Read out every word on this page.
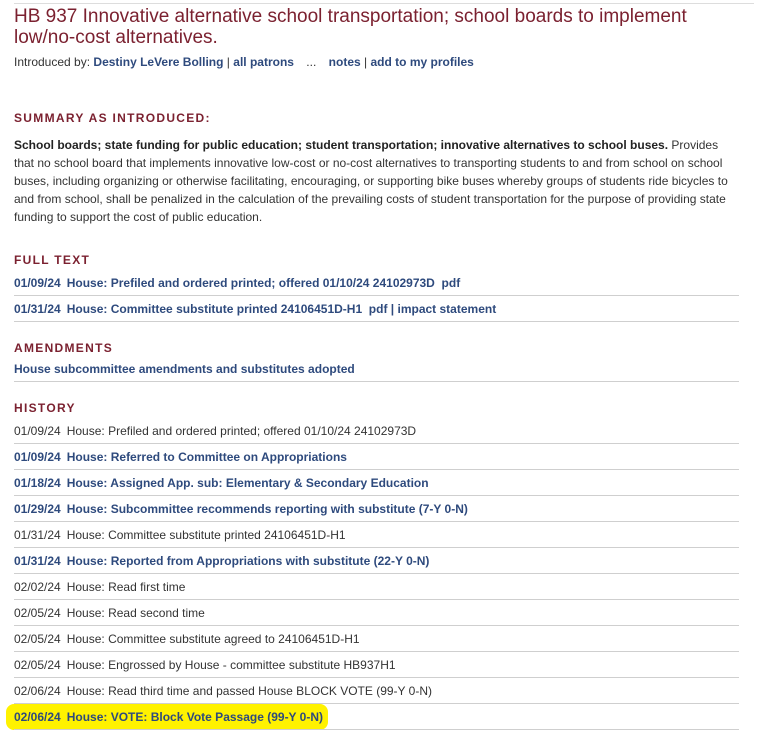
HB 937 Innovative alternative school transportation; school boards to implement low/no-cost alternatives.
Introduced by: Destiny LeVere Bolling | all patrons ... notes | add to my profiles
SUMMARY AS INTRODUCED:

School boards; state funding for public education; student transportation; innovative alternatives to school buses. Provides that no school board that implements innovative low-cost or no-cost alternatives to transporting students to and from school on school buses, including organizing or otherwise facilitating, encouraging, or supporting bike buses whereby groups of students ride bicycles to and from school, shall be penalized in the calculation of the prevailing costs of student transportation for the purpose of providing state funding to support the cost of public education.

FULL TEXT
01/09/24 House: Prefiled and ordered printed; offered 01/10/24 24102973D pdf
01/31/24 House: Committee substitute printed 24106451D-H1 pdf | impact statement
AMENDMENTS
House subcommittee amendments and substitutes adopted
HISTORY
01/09/24 House: Prefiled and ordered printed; offered 01/10/24 24102973D
01/09/24 House: Referred to Committee on Appropriations
01/18/24 House: Assigned App. sub: Elementary & Secondary Education
01/29/24 House: Subcommittee recommends reporting with substitute (7-Y 0-N)
01/31/24 House: Committee substitute printed 24106451D-H1
01/31/24 House: Reported from Appropriations with substitute (22-Y 0-N)
02/02/24 House: Read first time
02/05/24 House: Read second time
02/05/24 House: Committee substitute agreed to 24106451D-H1
02/05/24 House: Engrossed by House - committee substitute HB937H1
02/06/24 House: Read third time and passed House BLOCK VOTE (99-Y 0-N)
02/06/24 House: VOTE: Block Vote Passage (99-Y 0-N)
